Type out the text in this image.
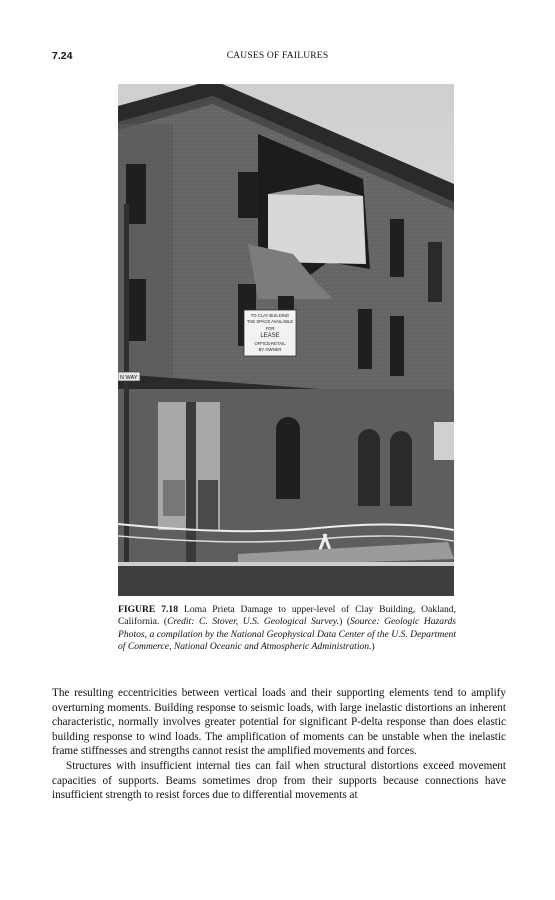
7.24	CAUSES OF FAILURES
TO CLAY BUILDING
THE SPACE AVAILABLE
FOR
LEASE
OFFICE-RETAIL
BY OWNER
N WAY
FIGURE 7.18 Loma Prieta Damage to upper-level of Clay Building, Oakland, California. (Credit: C. Stover, U.S. Geological Survey.) (Source: Geologic Hazards Photos, a compilation by the National Geophysical Data Center of the U.S. Department of Commerce, National Oceanic and Atmospheric Administration.)

The resulting eccentricities between vertical loads and their supporting elements tend to amplify overturning moments. Building response to seismic loads, with large inelastic distortions an inherent characteristic, normally involves greater potential for significant P-delta response than does elastic building response to wind loads. The amplification of moments can be unstable when the inelastic frame stiffnesses and strengths cannot resist the amplified movements and forces.

Structures with insufficient internal ties can fail when structural distortions exceed movement capacities of supports. Beams sometimes drop from their supports because connections have insufficient strength to resist forces due to differential movements at
